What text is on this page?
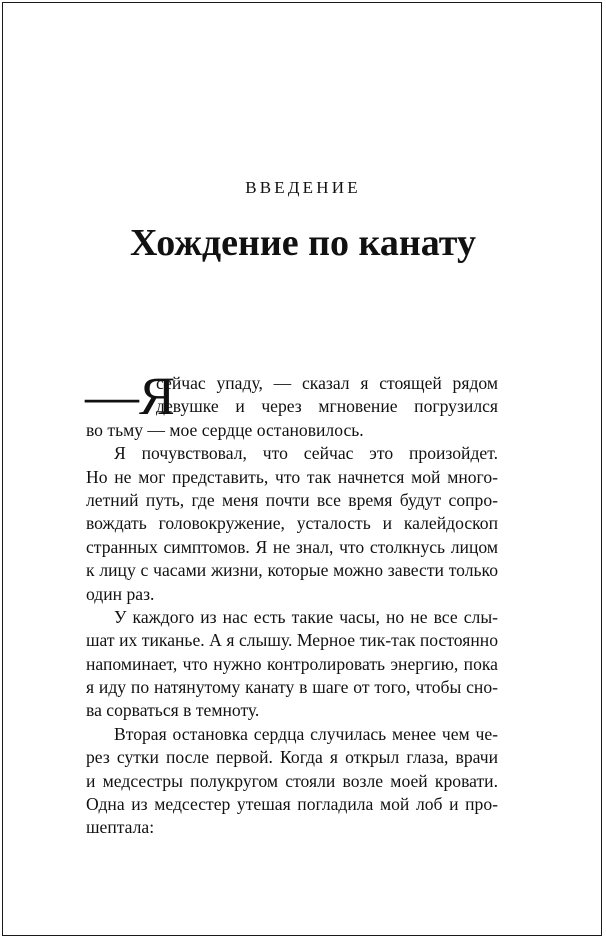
ВВЕДЕНИЕ
Хождение по канату
—Я
сейчас упаду, — сказал я стоящей рядом
девушке и через мгновение погрузился
во тьму — мое сердце остановилось.
Я почувствовал, что сейчас это произойдет.
Но не мог представить, что так начнется мой много-
летний путь, где меня почти все время будут сопро-
вождать головокружение, усталость и калейдоскоп
странных симптомов. Я не знал, что столкнусь лицом
к лицу с часами жизни, которые можно завести только
один раз.
У каждого из нас есть такие часы, но не все слы-
шат их тиканье. А я слышу. Мерное тик-так постоянно
напоминает, что нужно контролировать энергию, пока
я иду по натянутому канату в шаге от того, чтобы сно-
ва сорваться в темноту.
Вторая остановка сердца случилась менее чем че-
рез сутки после первой. Когда я открыл глаза, врачи
и медсестры полукругом стояли возле моей кровати.
Одна из медсестер утешая погладила мой лоб и про-
шептала:
